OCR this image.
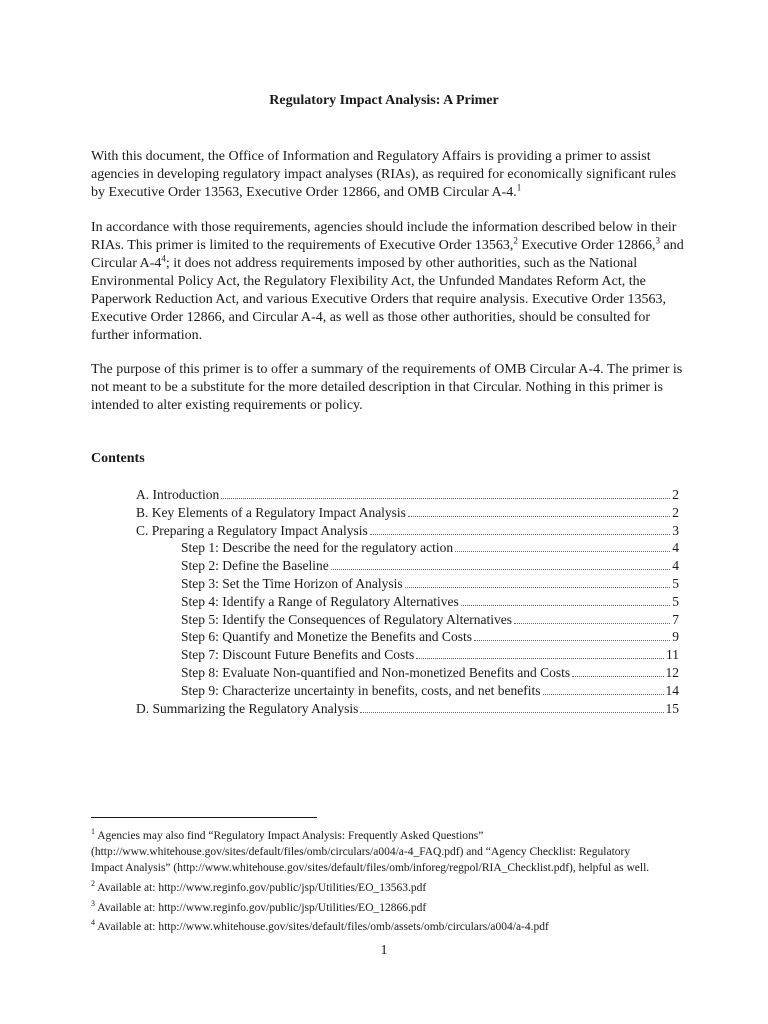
Regulatory Impact Analysis: A Primer

With this document, the Office of Information and Regulatory Affairs is providing a primer to assist agencies in developing regulatory impact analyses (RIAs), as required for economically significant rules by Executive Order 13563, Executive Order 12866, and OMB Circular A-4.$^1$

In accordance with those requirements, agencies should include the information described below in their RIAs. This primer is limited to the requirements of Executive Order 13563,$^2$ Executive Order 12866,$^3$ and Circular $A-4^4$; it does not address requirements imposed by other authorities, such as the National Environmental Policy Act, the Regulatory Flexibility Act, the Unfunded Mandates Reform Act, the Paperwork Reduction Act, and various Executive Orders that require analysis. Executive Order 13563, Executive Order 12866, and Circular A-4, as well as those other authorities, should be consulted for further information.

The purpose of this primer is to offer a summary of the requirements of OMB Circular A-4. The primer is not meant to be a substitute for the more detailed description in that Circular. Nothing in this primer is intended to alter existing requirements or policy.

Contents
A. Introduction	2
B. Key Elements of a Regulatory Impact Analysis	2
C. Preparing a Regulatory Impact Analysis	3
Step 1: Describe the need for the regulatory action	4
Step 2: Define the Baseline	4
Step 3: Set the Time Horizon of Analysis	5
Step 4: Identify a Range of Regulatory Alternatives	5
Step 5: Identify the Consequences of Regulatory Alternatives	7
Step 6: Quantify and Monetize the Benefits and Costs	9
Step 7: Discount Future Benefits and Costs	11
Step 8: Evaluate Non-quantified and Non-monetized Benefits and Costs	12
Step 9: Characterize uncertainty in benefits, costs, and net benefits	14
D. Summarizing the Regulatory Analysis	15

$^1$ Agencies may also find “Regulatory Impact Analysis: Frequently Asked Questions” (http://www.whitehouse.gov/sites/default/files/omb/circulars/a004/a-4_FAQ.pdf) and “Agency Checklist: Regulatory Impact Analysis” (http://www.whitehouse.gov/sites/default/files/omb/inforeg/regpol/RIA_Checklist.pdf), helpful as well.

$^2$ Available at: http://www.reginfo.gov/public/jsp/Utilities/EO_13563.pdf

$^3$ Available at: http://www.reginfo.gov/public/jsp/Utilities/EO_12866.pdf

$^4$ Available at: http://www.whitehouse.gov/sites/default/files/omb/assets/omb/circulars/a004/a-4.pdf

1
